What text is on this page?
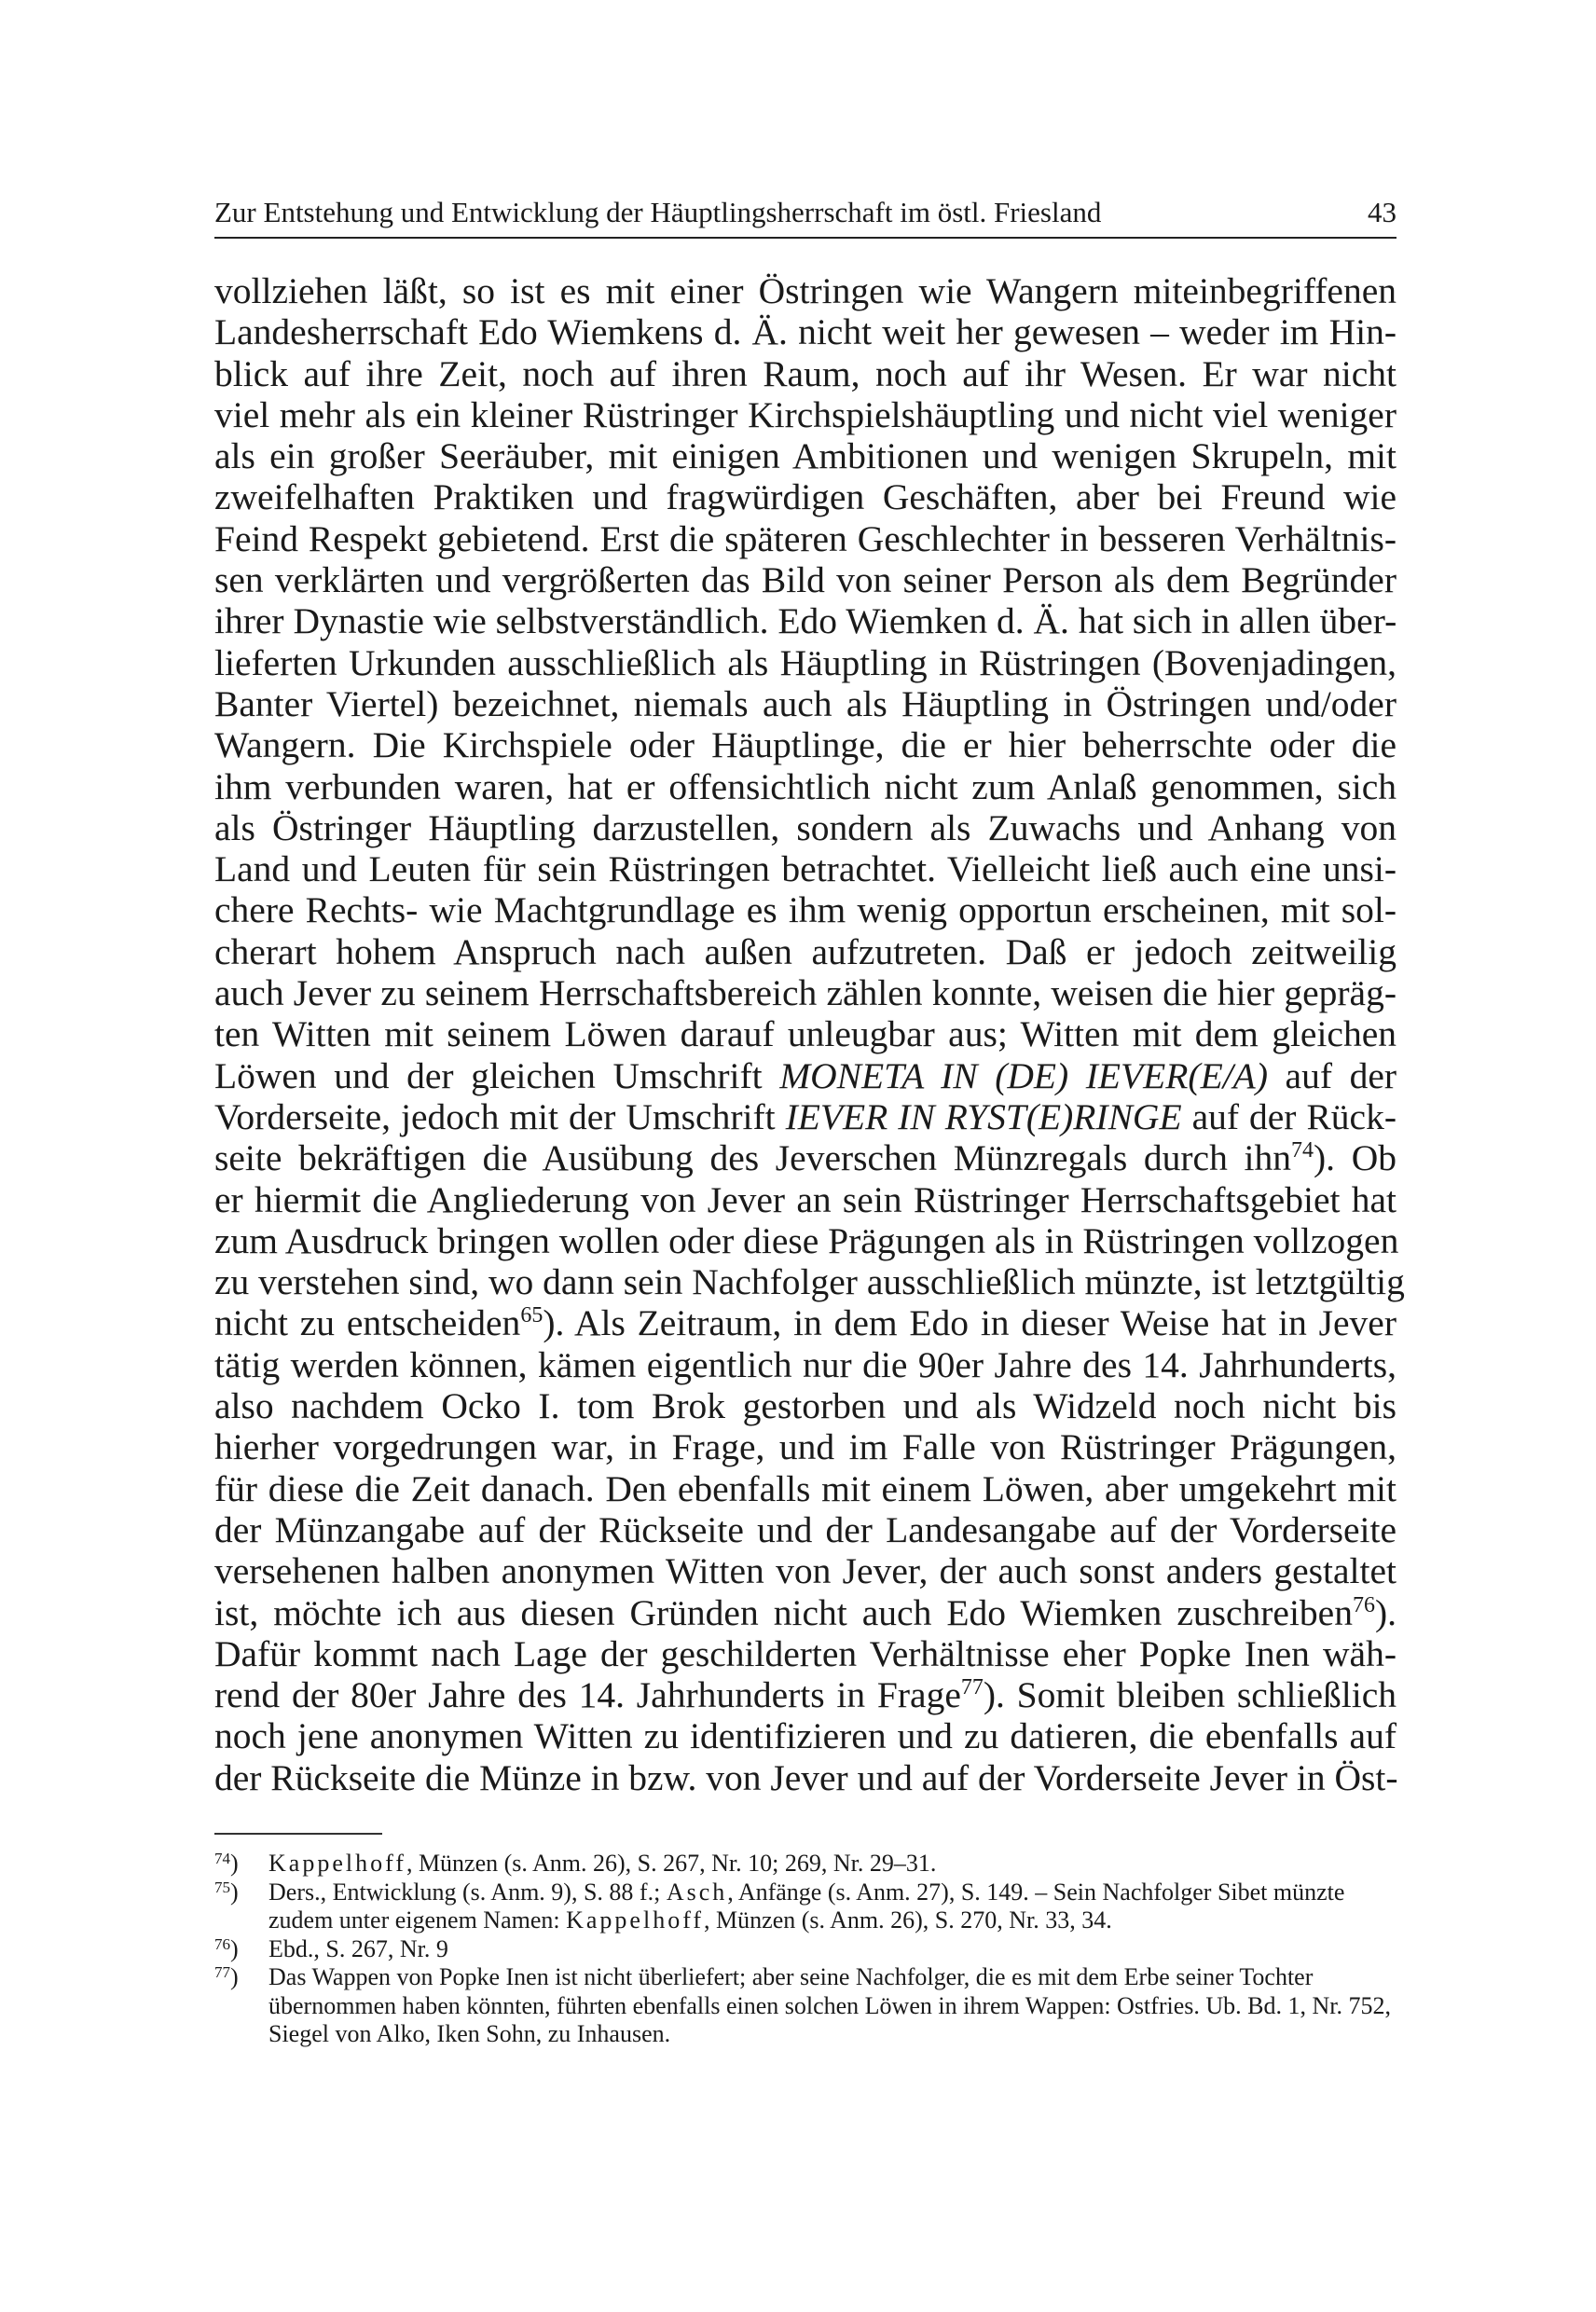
Zur Entstehung und Entwicklung der Häuptlingsherrschaft im östl. Friesland	43
vollziehen läßt, so ist es mit einer Östringen wie Wangern miteinbegriffenen
Landesherrschaft Edo Wiemkens d. Ä. nicht weit her gewesen – weder im Hin-
blick auf ihre Zeit, noch auf ihren Raum, noch auf ihr Wesen. Er war nicht
viel mehr als ein kleiner Rüstringer Kirchspielshäuptling und nicht viel weniger
als ein großer Seeräuber, mit einigen Ambitionen und wenigen Skrupeln, mit
zweifelhaften Praktiken und fragwürdigen Geschäften, aber bei Freund wie
Feind Respekt gebietend. Erst die späteren Geschlechter in besseren Verhältnis-
sen verklärten und vergrößerten das Bild von seiner Person als dem Begründer
ihrer Dynastie wie selbstverständlich. Edo Wiemken d. Ä. hat sich in allen über-
lieferten Urkunden ausschließlich als Häuptling in Rüstringen (Bovenjadingen,
Banter Viertel) bezeichnet, niemals auch als Häuptling in Östringen und/oder
Wangern. Die Kirchspiele oder Häuptlinge, die er hier beherrschte oder die
ihm verbunden waren, hat er offensichtlich nicht zum Anlaß genommen, sich
als Östringer Häuptling darzustellen, sondern als Zuwachs und Anhang von
Land und Leuten für sein Rüstringen betrachtet. Vielleicht ließ auch eine unsi-
chere Rechts- wie Machtgrundlage es ihm wenig opportun erscheinen, mit sol-
cherart hohem Anspruch nach außen aufzutreten. Daß er jedoch zeitweilig
auch Jever zu seinem Herrschaftsbereich zählen konnte, weisen die hier gepräg-
ten Witten mit seinem Löwen darauf unleugbar aus; Witten mit dem gleichen
Löwen und der gleichen Umschrift MONETA IN (DE) IEVER(E/A) auf der
Vorderseite, jedoch mit der Umschrift IEVER IN RYST(E)RINGE auf der Rück-
seite bekräftigen die Ausübung des Jeverschen Münzregals durch ihn$^{74}$). Ob
er hiermit die Angliederung von Jever an sein Rüstringer Herrschaftsgebiet hat
zum Ausdruck bringen wollen oder diese Prägungen als in Rüstringen vollzogen
zu verstehen sind, wo dann sein Nachfolger ausschließlich münzte, ist letztgültig
nicht zu entscheiden$^{65}$). Als Zeitraum, in dem Edo in dieser Weise hat in Jever
tätig werden können, kämen eigentlich nur die 90er Jahre des 14. Jahrhunderts,
also nachdem Ocko I. tom Brok gestorben und als Widzeld noch nicht bis
hierher vorgedrungen war, in Frage, und im Falle von Rüstringer Prägungen,
für diese die Zeit danach. Den ebenfalls mit einem Löwen, aber umgekehrt mit
der Münzangabe auf der Rückseite und der Landesangabe auf der Vorderseite
versehenen halben anonymen Witten von Jever, der auch sonst anders gestaltet
ist, möchte ich aus diesen Gründen nicht auch Edo Wiemken zuschreiben$^{76}$).
Dafür kommt nach Lage der geschilderten Verhältnisse eher Popke Inen wäh-
rend der 80er Jahre des 14. Jahrhunderts in Frage$^{77}$). Somit bleiben schließlich
noch jene anonymen Witten zu identifizieren und zu datieren, die ebenfalls auf
der Rückseite die Münze in bzw. von Jever und auf der Vorderseite Jever in Öst-
$^{74}$)	Kappelhoff, Münzen (s. Anm. 26), S. 267, Nr. 10; 269, Nr. 29–31.
$^{75}$)	Ders., Entwicklung (s. Anm. 9), S. 88 f.; Asch, Anfänge (s. Anm. 27), S. 149. – Sein Nachfolger Sibet münzte zudem unter eigenem Namen: Kappelhoff, Münzen (s. Anm. 26), S. 270, Nr. 33, 34.
$^{76}$)	Ebd., S. 267, Nr. 9
$^{77}$)	Das Wappen von Popke Inen ist nicht überliefert; aber seine Nachfolger, die es mit dem Erbe seiner Tochter übernommen haben könnten, führten ebenfalls einen solchen Löwen in ihrem Wappen: Ostfries. Ub. Bd. 1, Nr. 752, Siegel von Alko, Iken Sohn, zu Inhausen.
